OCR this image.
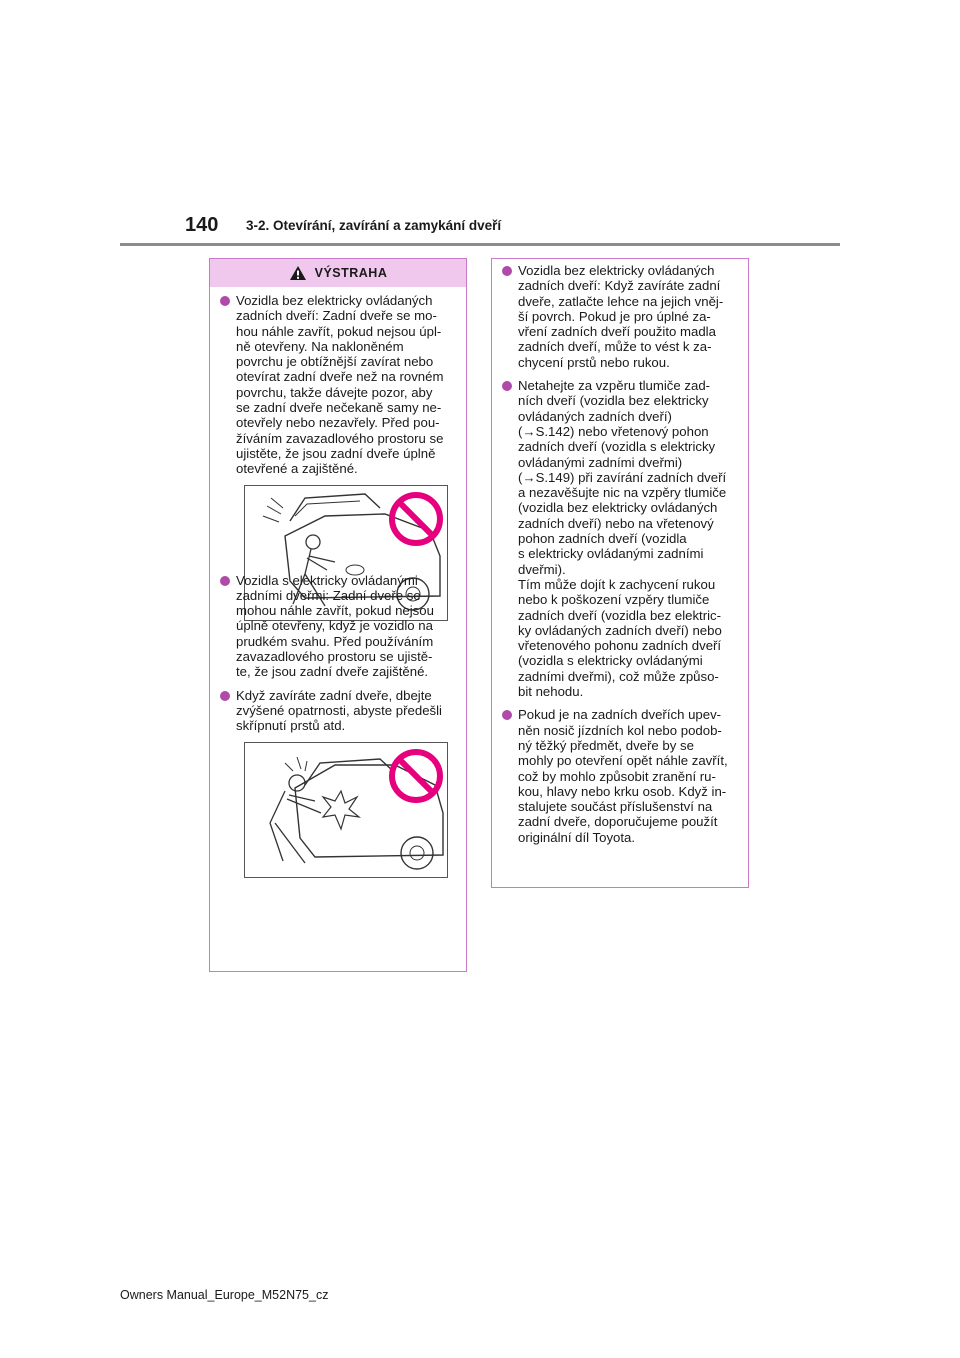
140 3-2. Otevírání, zavírání a zamykání dveří
VÝSTRAHA
Vozidla bez elektricky ovládaných
zadních dveří: Zadní dveře se mo-
hou náhle zavřít, pokud nejsou úpl-
ně otevřeny. Na nakloněném
povrchu je obtížnější zavírat nebo
otevírat zadní dveře než na rovném
povrchu, takže dávejte pozor, aby
se zadní dveře nečekaně samy ne-
otevřely nebo nezavřely. Před pou-
žíváním zavazadlového prostoru se
ujistěte, že jsou zadní dveře úplně
otevřené a zajištěné.
Vozidla s elektricky ovládanými
zadními dveřmi: Zadní dveře se
mohou náhle zavřít, pokud nejsou
úplně otevřeny, když je vozidlo na
prudkém svahu. Před používáním
zavazadlového prostoru se ujistě-
te, že jsou zadní dveře zajištěné.
Když zavíráte zadní dveře, dbejte
zvýšené opatrnosti, abyste předešli
skřípnutí prstů atd.
Vozidla bez elektricky ovládaných
zadních dveří: Když zavíráte zadní
dveře, zatlačte lehce na jejich vněj-
ší povrch. Pokud je pro úplné za-
vření zadních dveří použito madla
zadních dveří, může to vést k za-
chycení prstů nebo rukou.
Netahejte za vzpěru tlumiče zad-
ních dveří (vozidla bez elektricky
ovládaných zadních dveří)
(→S.142) nebo vřetenový pohon
zadních dveří (vozidla s elektricky
ovládanými zadními dveřmi)
(→S.149) při zavírání zadních dveří
a nezavěšujte nic na vzpěry tlumiče
(vozidla bez elektricky ovládaných
zadních dveří) nebo na vřetenový
pohon zadních dveří (vozidla
s elektricky ovládanými zadními
dveřmi).
Tím může dojít k zachycení rukou
nebo k poškození vzpěry tlumiče
zadních dveří (vozidla bez elektric-
ky ovládaných zadních dveří) nebo
vřetenového pohonu zadních dveří
(vozidla s elektricky ovládanými
zadními dveřmi), což může způso-
bit nehodu.
Pokud je na zadních dveřích upev-
něn nosič jízdních kol nebo podob-
ný těžký předmět, dveře by se
mohly po otevření opět náhle zavřít,
což by mohlo způsobit zranění ru-
kou, hlavy nebo krku osob. Když in-
stalujete součást příslušenství na
zadní dveře, doporučujeme použít
originální díl Toyota.
Owners Manual_Europe_M52N75_cz
